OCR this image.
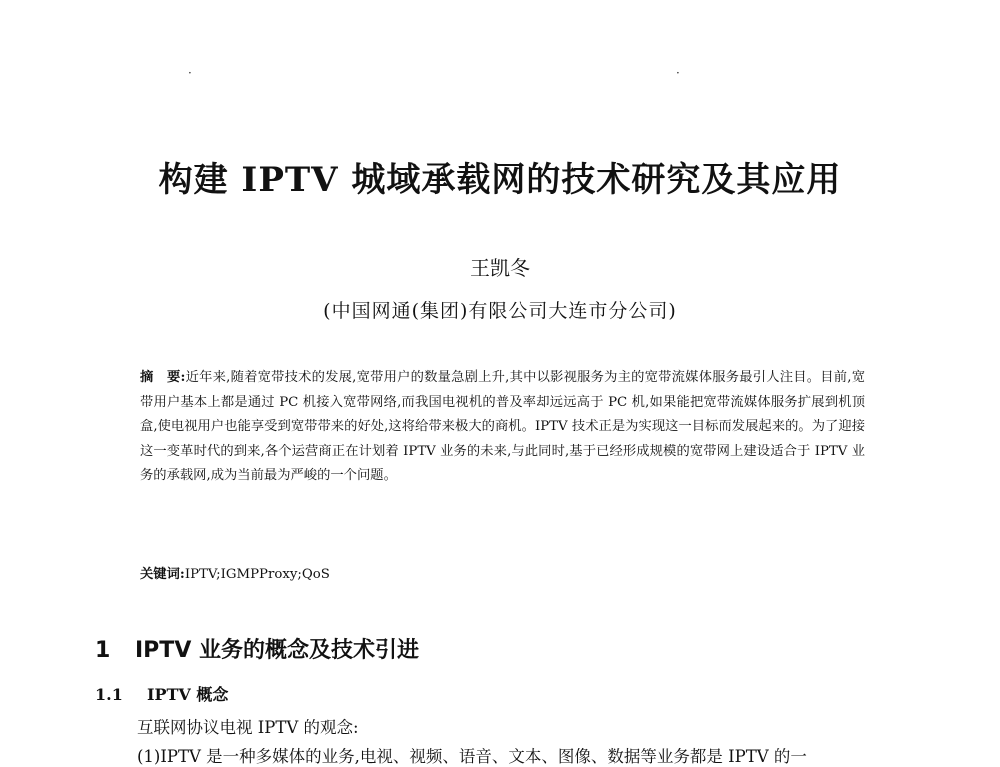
·	·
构建 IPTV 城域承载网的技术研究及其应用
王凯冬
(中国网通(集团)有限公司大连市分公司)
摘　要:近年来,随着宽带技术的发展,宽带用户的数量急剧上升,其中以影视服务为主的宽带流媒体服务最引人注目。目前,宽带用户基本上都是通过 PC 机接入宽带网络,而我国电视机的普及率却远远高于 PC 机,如果能把宽带流媒体服务扩展到机顶盒,使电视用户也能享受到宽带带来的好处,这将给带来极大的商机。IPTV 技术正是为实现这一目标而发展起来的。为了迎接这一变革时代的到来,各个运营商正在计划着 IPTV 业务的未来,与此同时,基于已经形成规模的宽带网上建设适合于 IPTV 业务的承载网,成为当前最为严峻的一个问题。
关键词:IPTV;IGMPProxy;QoS
1 IPTV 业务的概念及技术引进
1.1 IPTV 概念
互联网协议电视 IPTV 的观念:
(1)IPTV 是一种多媒体的业务,电视、视频、语音、文本、图像、数据等业务都是 IPTV 的一
